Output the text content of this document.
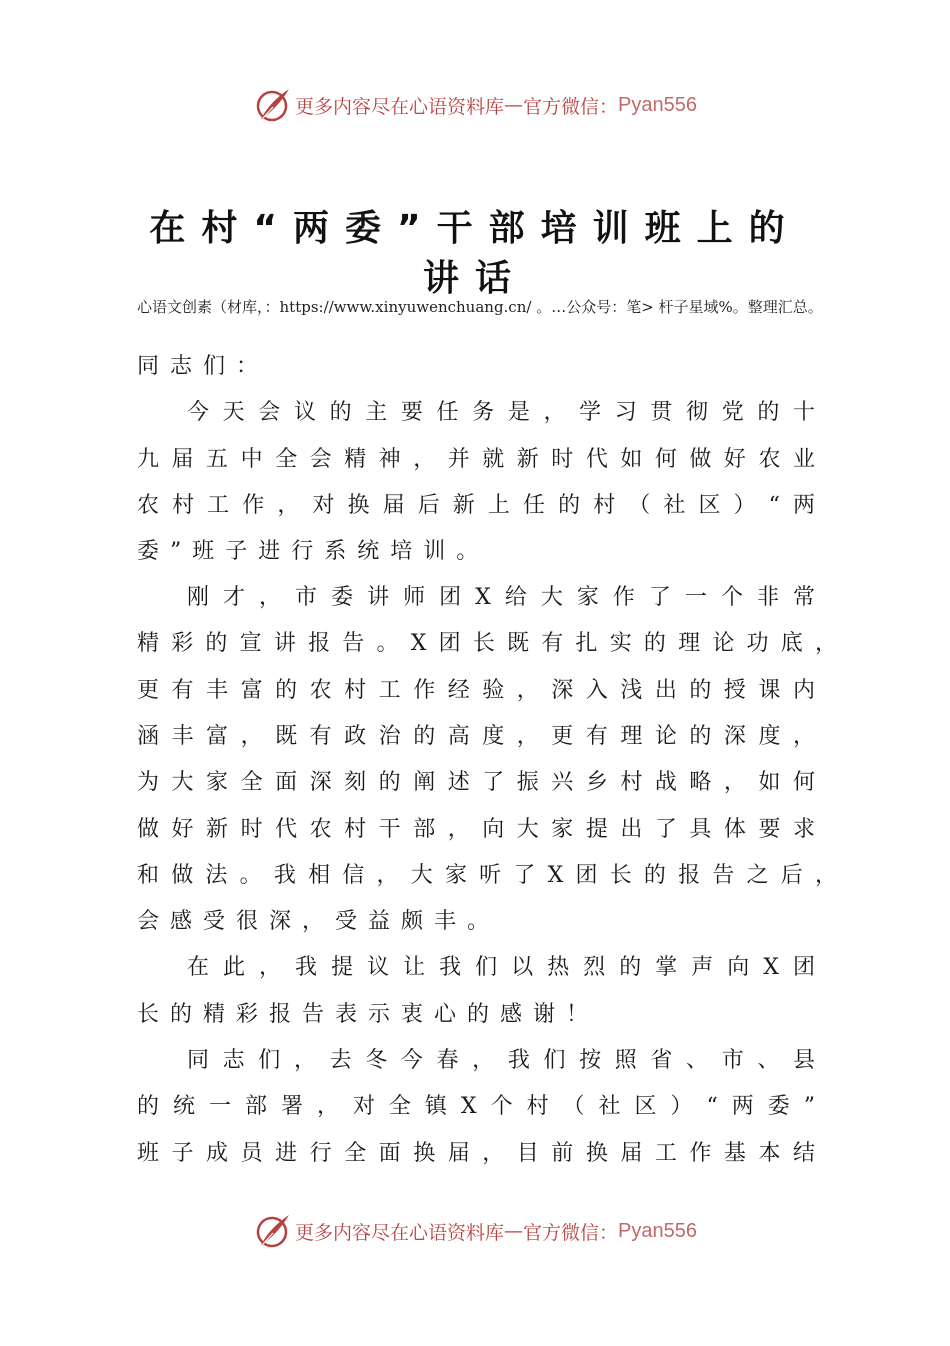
更多内容尽在心语资料库 — 官方微信： Pyan556
在村“两委”干部培训班上的
讲话
心语文创素（材库，：https://www.xinyuwenchuang.cn/ 。…公众号：笔> 杆子星域%。整理汇总。
同志们：
今天会议的主要任务是，学习贯彻党的十
九届五中全会精神，并就新时代如何做好农业
农村工作，对换届后新上任的村（社区）“两
委”班子进行系统培训。
刚才，市委讲师团X给大家作了一个非常
精彩的宣讲报告。X团长既有扎实的理论功底，
更有丰富的农村工作经验，深入浅出的授课内
涵丰富，既有政治的高度，更有理论的深度，
为大家全面深刻的阐述了振兴乡村战略，如何
做好新时代农村干部，向大家提出了具体要求
和做法。我相信，大家听了X团长的报告之后，
会感受很深，受益颇丰。
在此，我提议让我们以热烈的掌声向X团
长的精彩报告表示衷心的感谢！
同志们，去冬今春，我们按照省、市、县
的统一部署，对全镇X个村（社区）“两委”
班子成员进行全面换届，目前换届工作基本结
更多内容尽在心语资料库 — 官方微信： Pyan556
